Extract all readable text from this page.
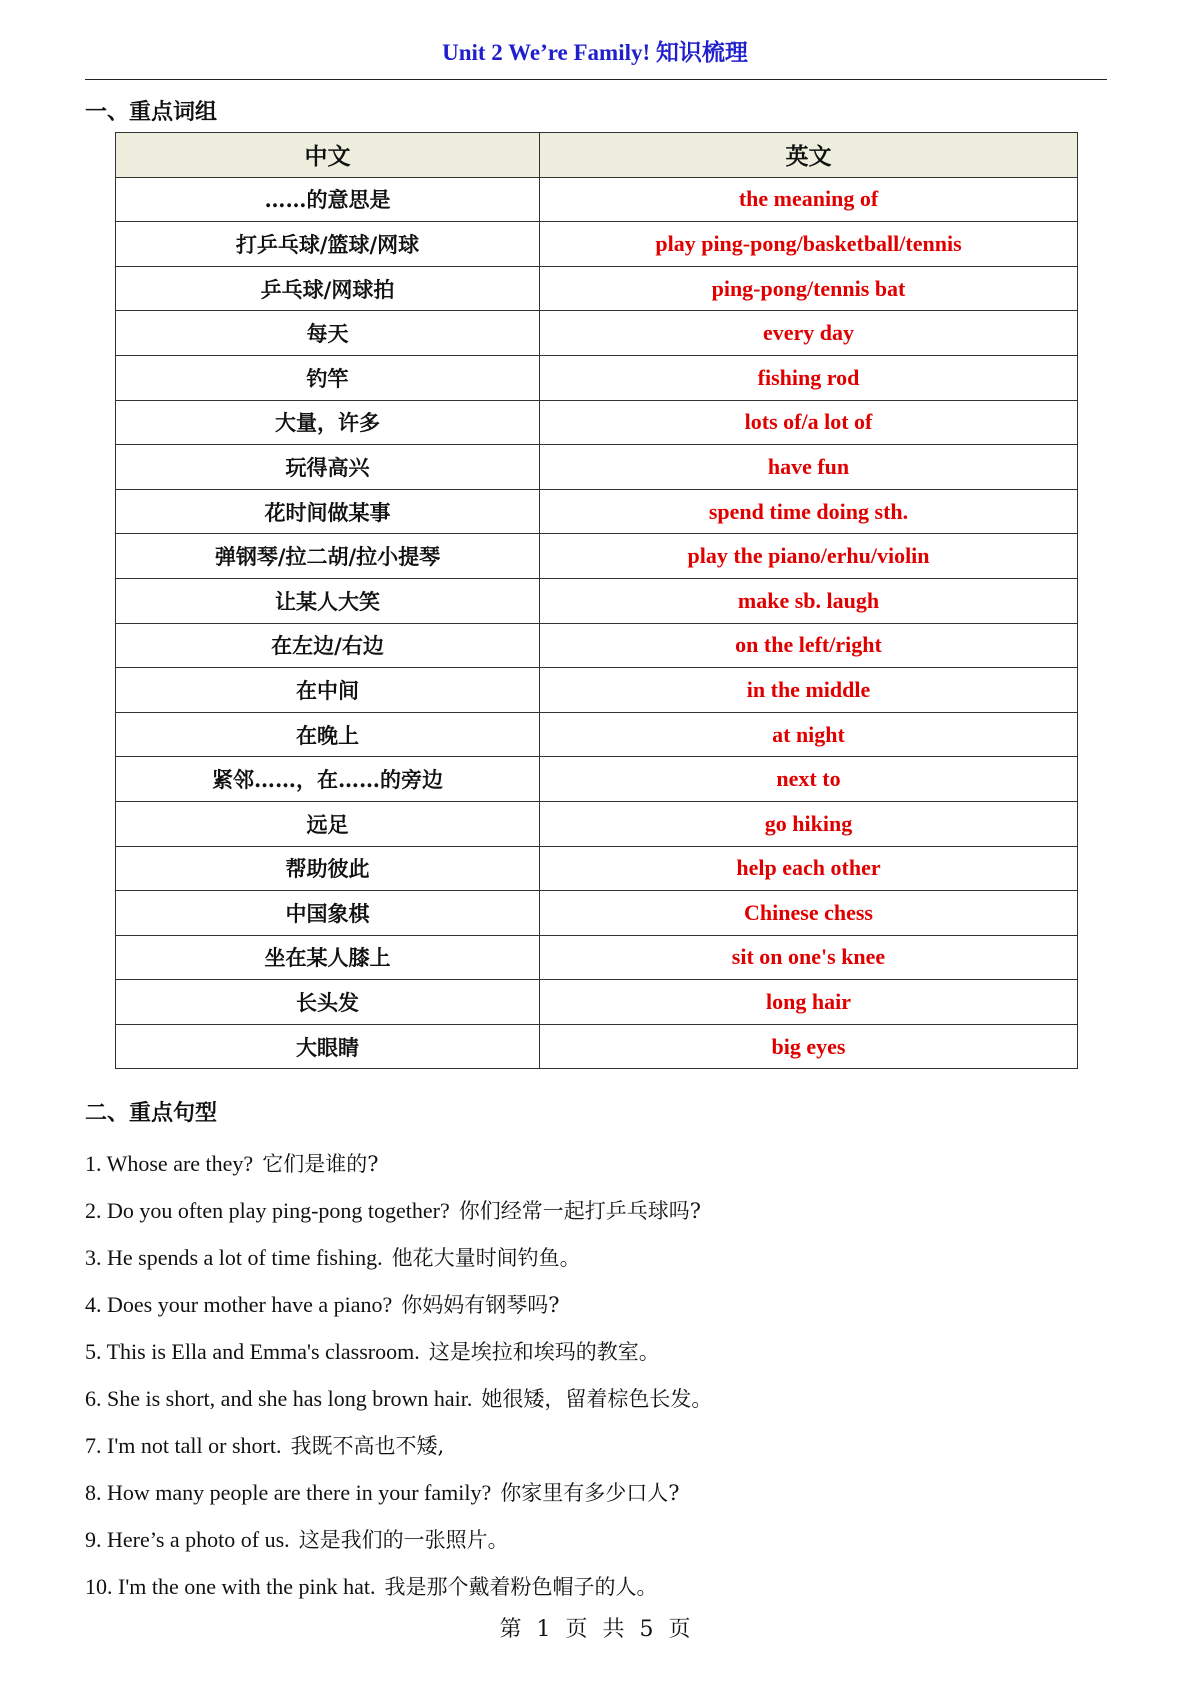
Unit 2 We’re Family! 知识梳理
一、重点词组
中文	英文
……的意思是	the meaning of
打乒乓球/篮球/网球	play ping-pong/basketball/tennis
乒乓球/网球拍	ping-pong/tennis bat
每天	every day
钓竿	fishing rod
大量，许多	lots of/a lot of
玩得高兴	have fun
花时间做某事	spend time doing sth.
弹钢琴/拉二胡/拉小提琴	play the piano/erhu/violin
让某人大笑	make sb. laugh
在左边/右边	on the left/right
在中间	in the middle
在晚上	at night
紧邻……，在……的旁边	next to
远足	go hiking
帮助彼此	help each other
中国象棋	Chinese chess
坐在某人膝上	sit on one's knee
长头发	long hair
大眼睛	big eyes
二、重点句型
1. Whose are they? 它们是谁的?
2. Do you often play ping-pong together? 你们经常一起打乒乓球吗?
3. He spends a lot of time fishing. 他花大量时间钓鱼。
4. Does your mother have a piano? 你妈妈有钢琴吗?
5. This is Ella and Emma's classroom. 这是埃拉和埃玛的教室。
6. She is short, and she has long brown hair. 她很矮，留着棕色长发。
7. I'm not tall or short. 我既不高也不矮,
8. How many people are there in your family? 你家里有多少口人?
9. Here’s a photo of us. 这是我们的一张照片。
10. I'm the one with the pink hat. 我是那个戴着粉色帽子的人。
第 1 页 共 5 页
